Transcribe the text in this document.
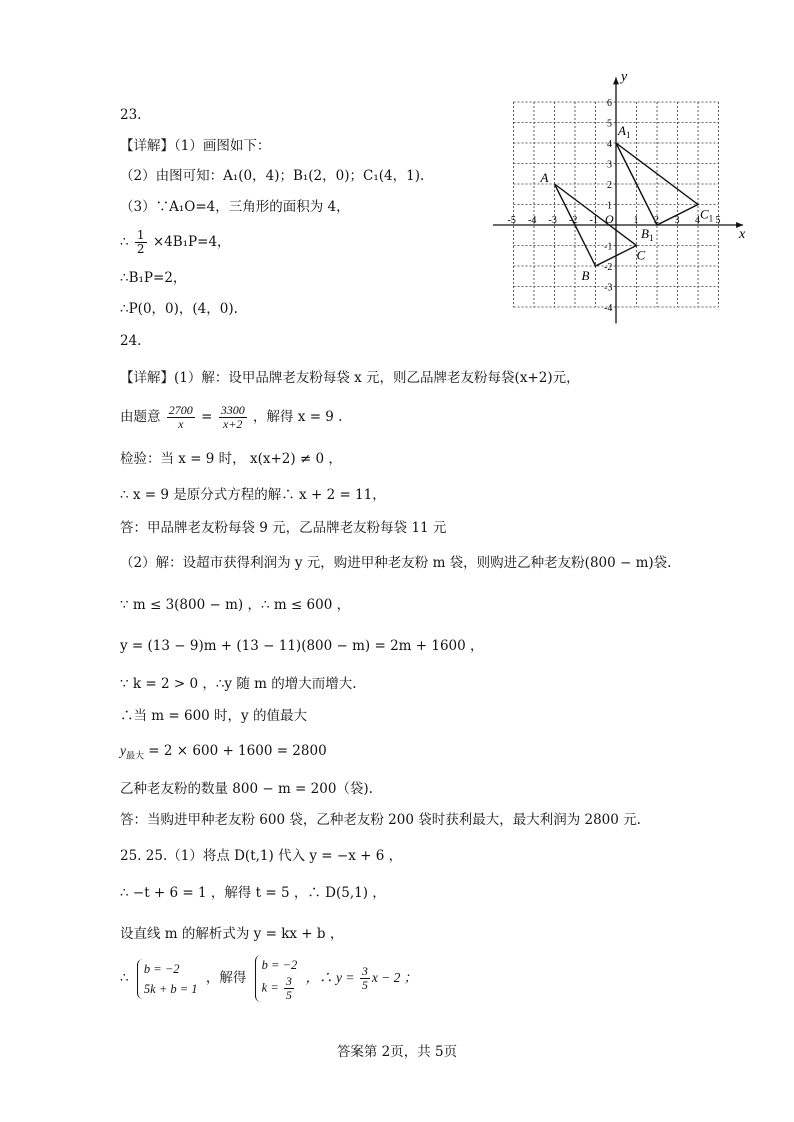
23.
【详解】（1）画图如下：
（2）由图可知：A₁(0，4)；B₁(2，0)；C₁(4，1).
（3）∵A₁O=4，三角形的面积为 4，
∴ $\frac{1}{2} \times 4B_1P=4$，
∴B₁P=2，
∴P(0，0)，(4，0).
x
y
O
-5 -4 -3 -2 -1	1 2 3 4 5
6
5
4
3
2
1
-1
-2
-3
-4
A
B
C
$A_1$
$B_1$
$C_1$
24.
【详解】(1）解：设甲品牌老友粉每袋 x 元，则乙品牌老友粉每袋(x+2)元，
由题意 $\frac{2700}{x} = \frac{3300}{x+2}$ ，解得 x = 9 .
检验：当 x = 9 时， x(x+2) ≠ 0 ，
∴ x = 9 是原分式方程的解∴ x + 2 = 11，
答：甲品牌老友粉每袋 9 元，乙品牌老友粉每袋 11 元
（2）解：设超市获得利润为 y 元，购进甲种老友粉 m 袋，则购进乙种老友粉(800 − m)袋.
∵ m ≤ 3(800 − m) ，∴ m ≤ 600 ，
y = (13 − 9)m + (13 − 11)(800 − m) = 2m + 1600 ，
∵ k = 2 > 0 ，∴y 随 m 的增大而增大.
∴当 m = 600 时，y 的值最大
$y_{最大} = 2 \times 600 + 1600 = 2800$
乙种老友粉的数量 800 − m = 200（袋).
答：当购进甲种老友粉 600 袋，乙种老友粉 200 袋时获利最大，最大利润为 2800 元.
25. 25.（1）将点 D(t,1) 代入 y = −x + 6 ，
∴ −t + 6 = 1 ，解得 t = 5 ，∴ D(5,1) ，
设直线 m 的解析式为 y = kx + b ，
∴
b = −2
5k + b = 1
，解得
b = −2
$k = \frac{3}{5}$ ，∴ $y = \frac{3}{5}$ x − 2 ；
答案第 2页，共 5页
